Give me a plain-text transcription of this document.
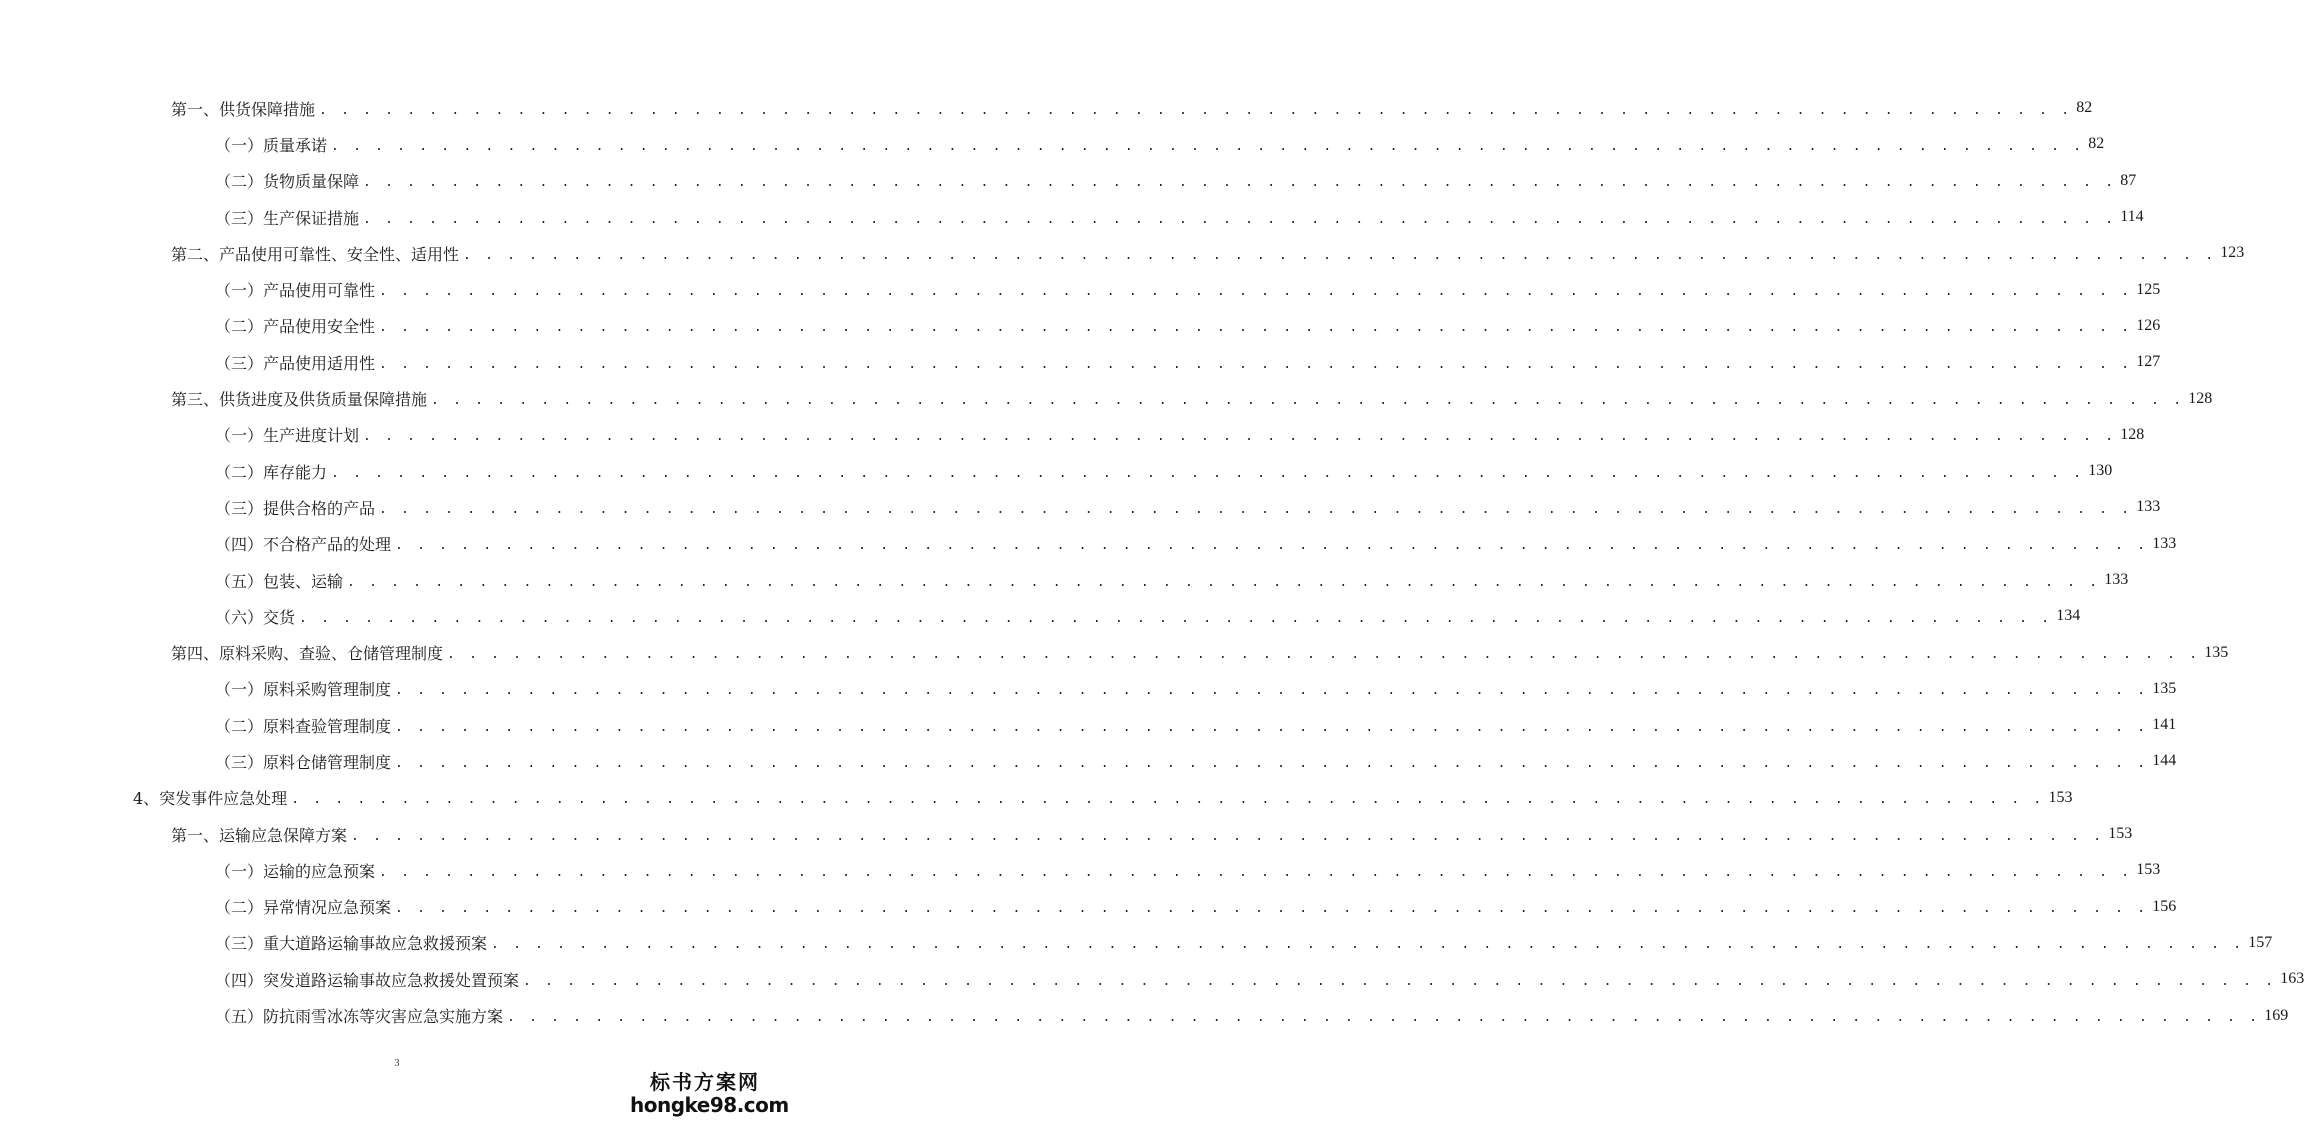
第一、供货保障措施 . . . . . . . . . . . . . . . . . . . . . . . . . . . . . . . . . . . . . . . . . . . . . . . . . . . . . . . . . . . . . . . . . . . . . . . . . . . . . . . . 82
（一）质量承诺 . . . . . . . . . . . . . . . . . . . . . . . . . . . . . . . . . . . . . . . . . . . . . . . . . . . . . . . . . . . . . . . . . . . . . . . . . . . . . . . . 82
（二）货物质量保障 . . . . . . . . . . . . . . . . . . . . . . . . . . . . . . . . . . . . . . . . . . . . . . . . . . . . . . . . . . . . . . . . . . . . . . . . . . . . . . . . 87
（三）生产保证措施 . . . . . . . . . . . . . . . . . . . . . . . . . . . . . . . . . . . . . . . . . . . . . . . . . . . . . . . . . . . . . . . . . . . . . . . . . . . . . . . . 114
第二、产品使用可靠性、安全性、适用性 . . . . . . . . . . . . . . . . . . . . . . . . . . . . . . . . . . . . . . . . . . . . . . . . . . . . . . . . . . . . . . . . . . . . . . . . . . . . . . . . 123
（一）产品使用可靠性 . . . . . . . . . . . . . . . . . . . . . . . . . . . . . . . . . . . . . . . . . . . . . . . . . . . . . . . . . . . . . . . . . . . . . . . . . . . . . . . . 125
（二）产品使用安全性 . . . . . . . . . . . . . . . . . . . . . . . . . . . . . . . . . . . . . . . . . . . . . . . . . . . . . . . . . . . . . . . . . . . . . . . . . . . . . . . . 126
（三）产品使用适用性 . . . . . . . . . . . . . . . . . . . . . . . . . . . . . . . . . . . . . . . . . . . . . . . . . . . . . . . . . . . . . . . . . . . . . . . . . . . . . . . . 127
第三、供货进度及供货质量保障措施 . . . . . . . . . . . . . . . . . . . . . . . . . . . . . . . . . . . . . . . . . . . . . . . . . . . . . . . . . . . . . . . . . . . . . . . . . . . . . . . . 128
（一）生产进度计划 . . . . . . . . . . . . . . . . . . . . . . . . . . . . . . . . . . . . . . . . . . . . . . . . . . . . . . . . . . . . . . . . . . . . . . . . . . . . . . . . 128
（二）库存能力 . . . . . . . . . . . . . . . . . . . . . . . . . . . . . . . . . . . . . . . . . . . . . . . . . . . . . . . . . . . . . . . . . . . . . . . . . . . . . . . . 130
（三）提供合格的产品 . . . . . . . . . . . . . . . . . . . . . . . . . . . . . . . . . . . . . . . . . . . . . . . . . . . . . . . . . . . . . . . . . . . . . . . . . . . . . . . . 133
（四）不合格产品的处理 . . . . . . . . . . . . . . . . . . . . . . . . . . . . . . . . . . . . . . . . . . . . . . . . . . . . . . . . . . . . . . . . . . . . . . . . . . . . . . . . 133
（五）包装、运输 . . . . . . . . . . . . . . . . . . . . . . . . . . . . . . . . . . . . . . . . . . . . . . . . . . . . . . . . . . . . . . . . . . . . . . . . . . . . . . . . 133
（六）交货 . . . . . . . . . . . . . . . . . . . . . . . . . . . . . . . . . . . . . . . . . . . . . . . . . . . . . . . . . . . . . . . . . . . . . . . . . . . . . . . . 134
第四、原料采购、查验、仓储管理制度 . . . . . . . . . . . . . . . . . . . . . . . . . . . . . . . . . . . . . . . . . . . . . . . . . . . . . . . . . . . . . . . . . . . . . . . . . . . . . . . . 135
（一）原料采购管理制度 . . . . . . . . . . . . . . . . . . . . . . . . . . . . . . . . . . . . . . . . . . . . . . . . . . . . . . . . . . . . . . . . . . . . . . . . . . . . . . . . 135
（二）原料查验管理制度 . . . . . . . . . . . . . . . . . . . . . . . . . . . . . . . . . . . . . . . . . . . . . . . . . . . . . . . . . . . . . . . . . . . . . . . . . . . . . . . . 141
（三）原料仓储管理制度 . . . . . . . . . . . . . . . . . . . . . . . . . . . . . . . . . . . . . . . . . . . . . . . . . . . . . . . . . . . . . . . . . . . . . . . . . . . . . . . . 144
4、突发事件应急处理 . . . . . . . . . . . . . . . . . . . . . . . . . . . . . . . . . . . . . . . . . . . . . . . . . . . . . . . . . . . . . . . . . . . . . . . . . . . . . . . . 153
第一、运输应急保障方案 . . . . . . . . . . . . . . . . . . . . . . . . . . . . . . . . . . . . . . . . . . . . . . . . . . . . . . . . . . . . . . . . . . . . . . . . . . . . . . . . 153
（一）运输的应急预案 . . . . . . . . . . . . . . . . . . . . . . . . . . . . . . . . . . . . . . . . . . . . . . . . . . . . . . . . . . . . . . . . . . . . . . . . . . . . . . . . 153
（二）异常情况应急预案 . . . . . . . . . . . . . . . . . . . . . . . . . . . . . . . . . . . . . . . . . . . . . . . . . . . . . . . . . . . . . . . . . . . . . . . . . . . . . . . . 156
（三）重大道路运输事故应急救援预案 . . . . . . . . . . . . . . . . . . . . . . . . . . . . . . . . . . . . . . . . . . . . . . . . . . . . . . . . . . . . . . . . . . . . . . . . . . . . . . . . 157
（四）突发道路运输事故应急救援处置预案 . . . . . . . . . . . . . . . . . . . . . . . . . . . . . . . . . . . . . . . . . . . . . . . . . . . . . . . . . . . . . . . . . . . . . . . . . . . . . . . . 163
（五）防抗雨雪冰冻等灾害应急实施方案 . . . . . . . . . . . . . . . . . . . . . . . . . . . . . . . . . . . . . . . . . . . . . . . . . . . . . . . . . . . . . . . . . . . . . . . . . . . . . . . . 169
3
标书方案网
hongke98.com
